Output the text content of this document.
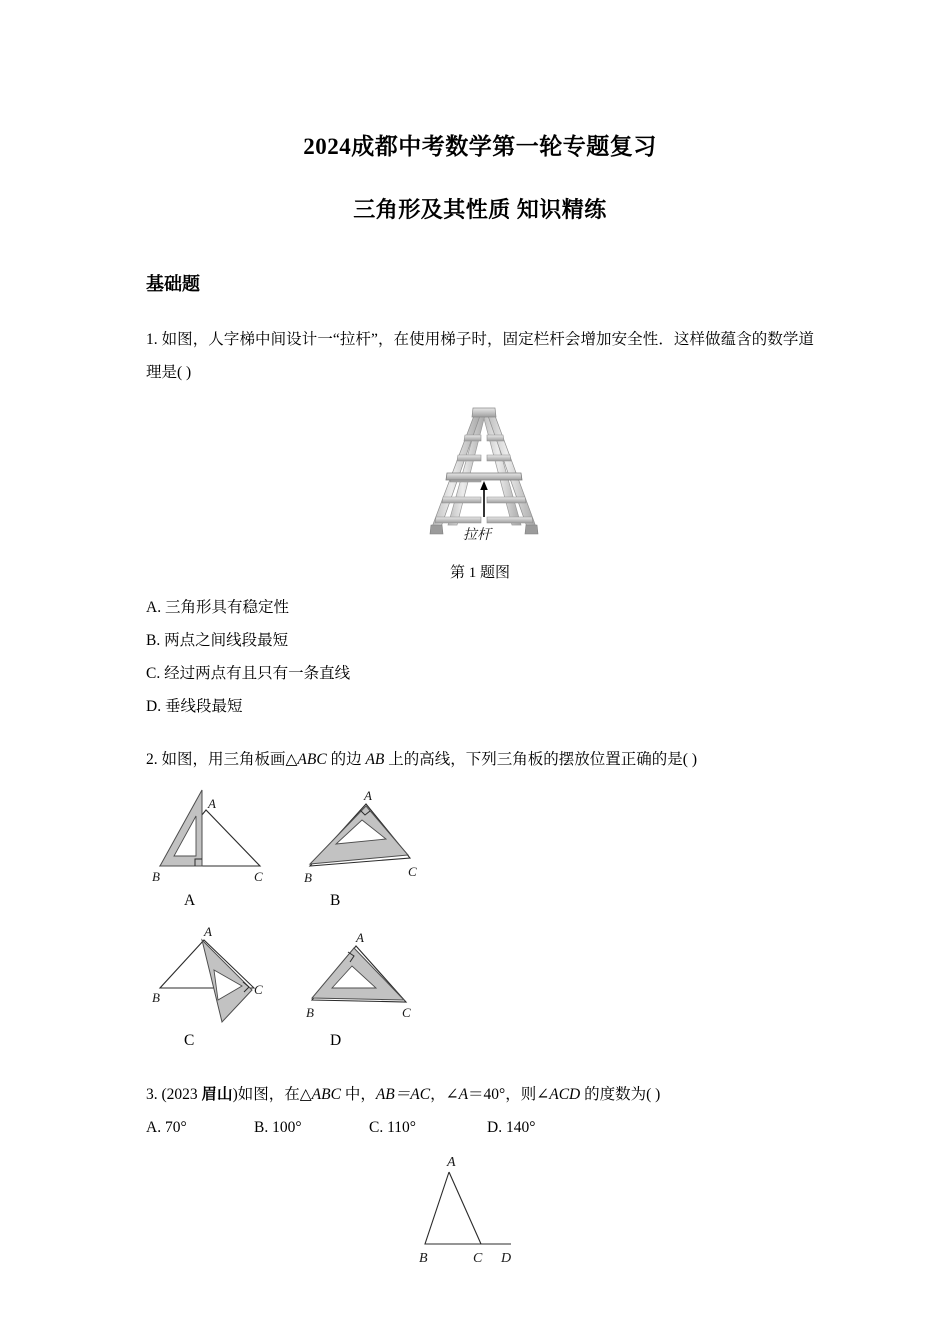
2024成都中考数学第一轮专题复习
三角形及其性质 知识精练
基础题
1. 如图，人字梯中间设计一“拉杆”，在使用梯子时，固定栏杆会增加安全性．这样做蕴含的数学道理是( )
拉杆
第 1 题图
A. 三角形具有稳定性
B. 两点之间线段最短
C. 经过两点有且只有一条直线
D. 垂线段最短
2. 如图，用三角板画△ABC 的边 AB 上的高线，下列三角板的摆放位置正确的是( )
A
B	C
A
B	C
A	B
A
B
C
A
B	C
C	D
3. (2023 眉山)如图，在△ABC 中，AB＝AC，∠A＝40°，则∠ACD 的度数为( )
A. 70°	B. 100°	C. 110°	D. 140°
A
B	C D
